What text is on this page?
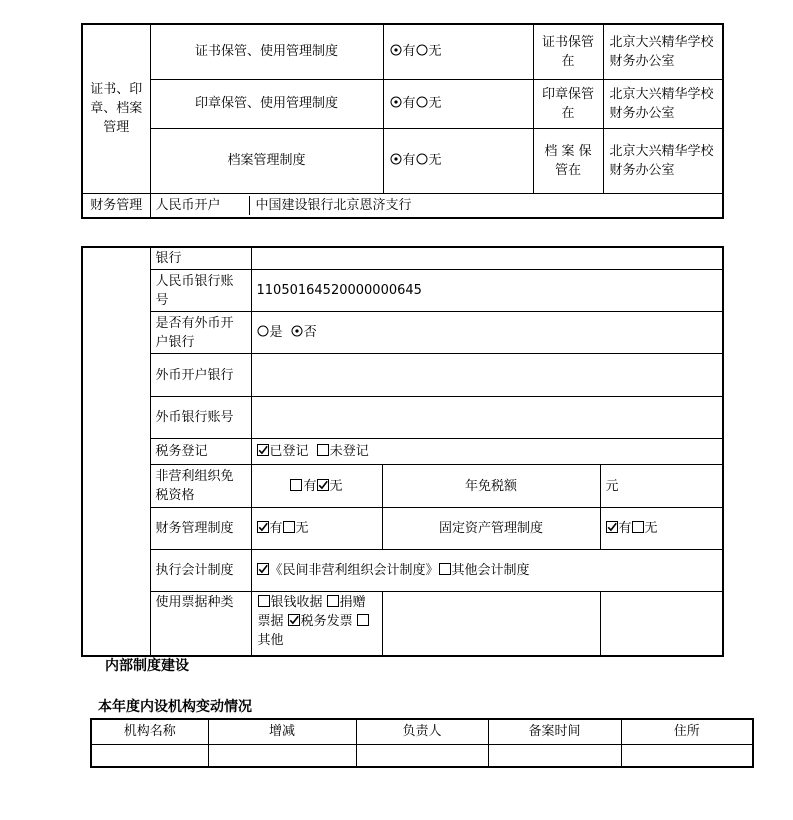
证书、印章、档案管理	证书保管、使用管理制度	有 无	证书保管在	北京大兴精华学校财务办公室
	印章保管、使用管理制度	有 无	印章保管在	北京大兴精华学校财务办公室
	档案管理制度	有 无	档 案 保 管在	北京大兴精华学校财务办公室
财务管理	人民币开户 中国建设银行北京恩济支行			
	银行			
	人民币银行账号	11050164520000000645		
	是否有外币开户银行	是 否		
	外币开户银行			
	外币银行账号			
	税务登记	已登记 未登记		
	非营利组织免税资格	有 无	年免税额	元
	财务管理制度	有 无	固定资产管理制度	有 无
	执行会计制度	《民间非营利组织会计制度》 其他会计制度		
	使用票据种类	银钱收据 捐赠票据 税务发票 其他		
内部制度建设
本年度内设机构变动情况
机构名称	增减	负责人	备案时间	住所
